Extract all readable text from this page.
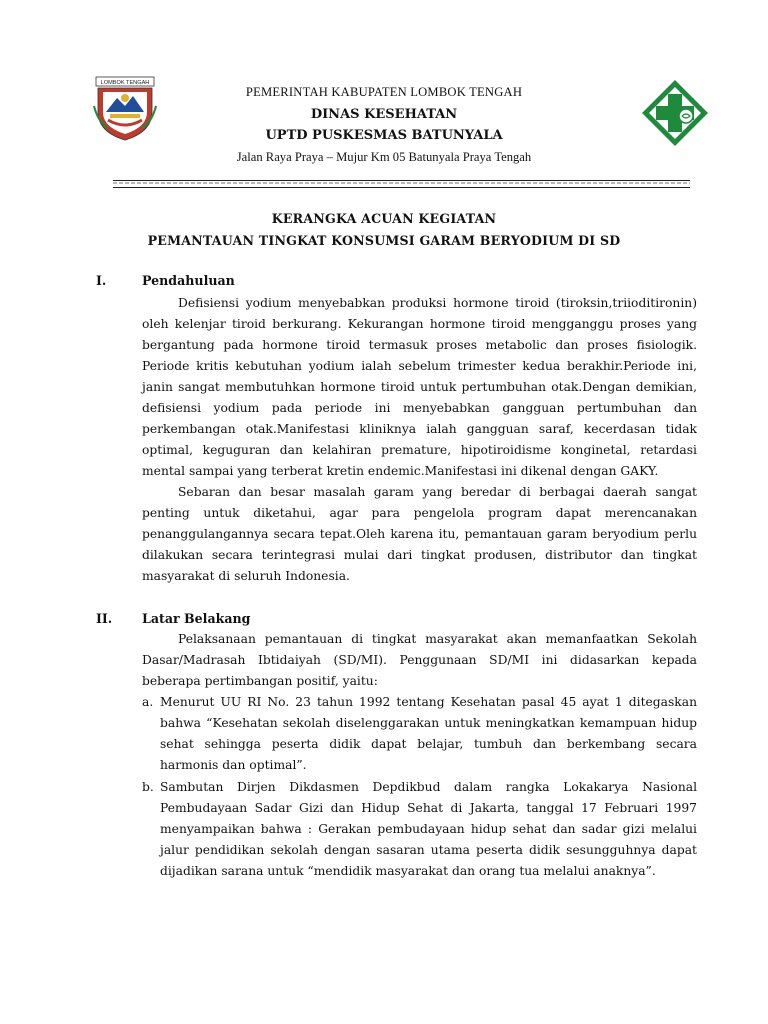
LOMBOK TENGAH
PEMERINTAH KABUPATEN LOMBOK TENGAH
DINAS KESEHATAN
UPTD PUSKESMAS BATUNYALA
Jalan Raya Praya – Mujur Km 05 Batunyala Praya Tengah
KERANGKA ACUAN KEGIATAN
PEMANTAUAN TINGKAT KONSUMSI GARAM BERYODIUM DI SD
I.	Pendahuluan

Defisiensi yodium menyebabkan produksi hormone tiroid (tiroksin,triioditironin) oleh kelenjar tiroid berkurang. Kekurangan hormone tiroid mengganggu proses yang bergantung pada hormone tiroid termasuk proses metabolic dan proses fisiologik. Periode kritis kebutuhan yodium ialah sebelum trimester kedua berakhir.Periode ini, janin sangat membutuhkan hormone tiroid untuk pertumbuhan otak.Dengan demikian, defisiensi yodium pada periode ini menyebabkan gangguan pertumbuhan dan perkembangan otak.Manifestasi kliniknya ialah gangguan saraf, kecerdasan tidak optimal, keguguran dan kelahiran premature, hipotiroidisme konginetal, retardasi mental sampai yang terberat kretin endemic.Manifestasi ini dikenal dengan GAKY.

Sebaran dan besar masalah garam yang beredar di berbagai daerah sangat penting untuk diketahui, agar para pengelola program dapat merencanakan penanggulangannya secara tepat.Oleh karena itu, pemantauan garam beryodium perlu dilakukan secara terintegrasi mulai dari tingkat produsen, distributor dan tingkat masyarakat di seluruh Indonesia.

II. Latar Belakang

Pelaksanaan pemantauan di tingkat masyarakat akan memanfaatkan Sekolah Dasar/Madrasah Ibtidaiyah (SD/MI). Penggunaan SD/MI ini didasarkan kepada beberapa pertimbangan positif, yaitu:

a. Menurut UU RI No. 23 tahun 1992 tentang Kesehatan pasal 45 ayat 1 ditegaskan bahwa “Kesehatan sekolah diselenggarakan untuk meningkatkan kemampuan hidup sehat sehingga peserta didik dapat belajar, tumbuh dan berkembang secara harmonis dan optimal”.

b. Sambutan Dirjen Dikdasmen Depdikbud dalam rangka Lokakarya Nasional Pembudayaan Sadar Gizi dan Hidup Sehat di Jakarta, tanggal 17 Februari 1997 menyampaikan bahwa : Gerakan pembudayaan hidup sehat dan sadar gizi melalui jalur pendidikan sekolah dengan sasaran utama peserta didik sesungguhnya dapat dijadikan sarana untuk “mendidik masyarakat dan orang tua melalui anaknya”.
